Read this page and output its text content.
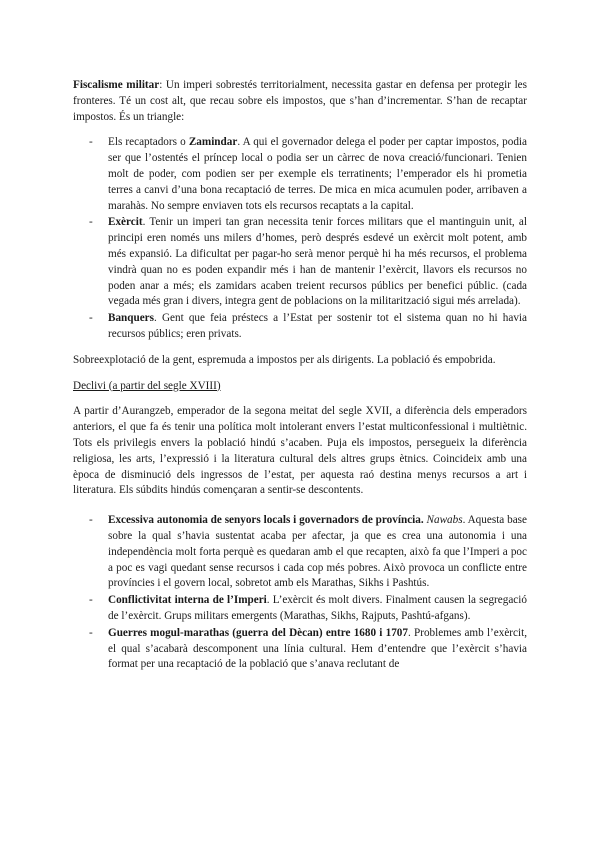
Fiscalisme militar: Un imperi sobrestés territorialment, necessita gastar en defensa per protegir les fronteres. Té un cost alt, que recau sobre els impostos, que s’han d’incrementar. S’han de recaptar impostos. És un triangle:

- Els recaptadors o Zamindar. A qui el governador delega el poder per captar impostos, podia ser que l’ostentés el príncep local o podia ser un càrrec de nova creació/funcionari. Tenien molt de poder, com podien ser per exemple els terratinents; l’emperador els hi prometia terres a canvi d’una bona recaptació de terres. De mica en mica acumulen poder, arribaven a marahàs. No sempre enviaven tots els recursos recaptats a la capital.
- Exèrcit. Tenir un imperi tan gran necessita tenir forces militars que el mantinguin unit, al principi eren només uns milers d’homes, però després esdevé un exèrcit molt potent, amb més expansió. La dificultat per pagar-ho serà menor perquè hi ha més recursos, el problema vindrà quan no es poden expandir més i han de mantenir l’exèrcit, llavors els recursos no poden anar a més; els zamidars acaben treient recursos públics per benefici públic. (cada vegada més gran i divers, integra gent de poblacions on la militarització sigui més arrelada).
- Banquers. Gent que feia préstecs a l’Estat per sostenir tot el sistema quan no hi havia recursos públics; eren privats.

Sobreexplotació de la gent, espremuda a impostos per als dirigents. La població és empobrida.

Declivi (a partir del segle XVIII)

A partir d’Aurangzeb, emperador de la segona meitat del segle XVII, a diferència dels emperadors anteriors, el que fa és tenir una política molt intolerant envers l’estat multiconfessional i multiètnic. Tots els privilegis envers la població hindú s’acaben. Puja els impostos, persegueix la diferència religiosa, les arts, l’expressió i la literatura cultural dels altres grups ètnics. Coincideix amb una època de disminució dels ingressos de l’estat, per aquesta raó destina menys recursos a art i literatura. Els súbdits hindús començaran a sentir-se descontents.

- Excessiva autonomia de senyors locals i governadors de província. Nawabs. Aquesta base sobre la qual s’havia sustentat acaba per afectar, ja que es crea una autonomia i una independència molt forta perquè es quedaran amb el que recapten, això fa que l’Imperi a poc a poc es vagi quedant sense recursos i cada cop més pobres. Això provoca un conflicte entre províncies i el govern local, sobretot amb els Marathas, Sikhs i Pashtús.
- Conflictivitat interna de l’Imperi. L’exèrcit és molt divers. Finalment causen la segregació de l’exèrcit. Grups militars emergents (Marathas, Sikhs, Rajputs, Pashtú-afgans).
- Guerres mogul-marathas (guerra del Dècan) entre 1680 i 1707. Problemes amb l’exèrcit, el qual s’acabarà descomponent una línia cultural. Hem d’entendre que l’exèrcit s’havia format per una recaptació de la població que s’anava reclutant de
